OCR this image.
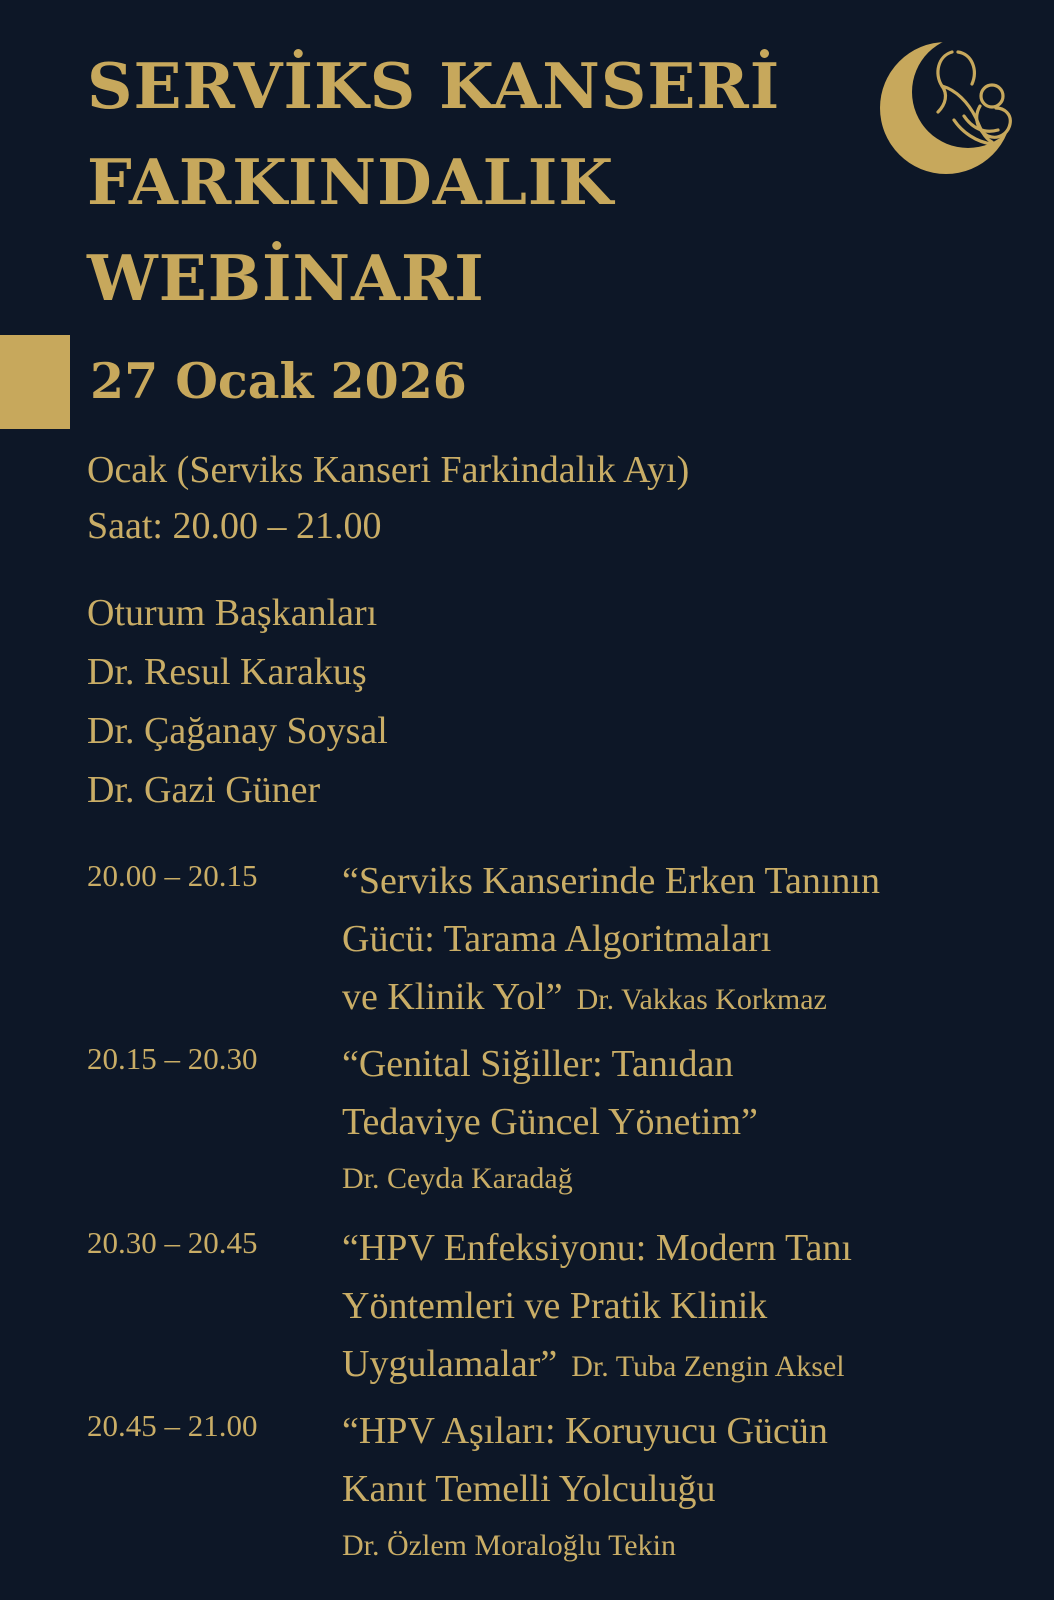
SERVİKS KANSERİ
FARKINDALIK
WEBİNARI
27 Ocak 2026
Ocak (Serviks Kanseri Farkindalık Ayı)
Saat: 20.00 – 21.00
Oturum Başkanları
Dr. Resul Karakuş
Dr. Çağanay Soysal
Dr. Gazi Güner
20.00 – 20.15 “Serviks Kanserinde Erken Tanının
Gücü: Tarama Algoritmaları
ve Klinik Yol” Dr. Vakkas Korkmaz
20.15 – 20.30 “Genital Siğiller: Tanıdan
Tedaviye Güncel Yönetim”
Dr. Ceyda Karadağ
20.30 – 20.45 “HPV Enfeksiyonu: Modern Tanı
Yöntemleri ve Pratik Klinik
Uygulamalar” Dr. Tuba Zengin Aksel
20.45 – 21.00 “HPV Aşıları: Koruyucu Gücün
Kanıt Temelli Yolculuğu
Dr. Özlem Moraloğlu Tekin
